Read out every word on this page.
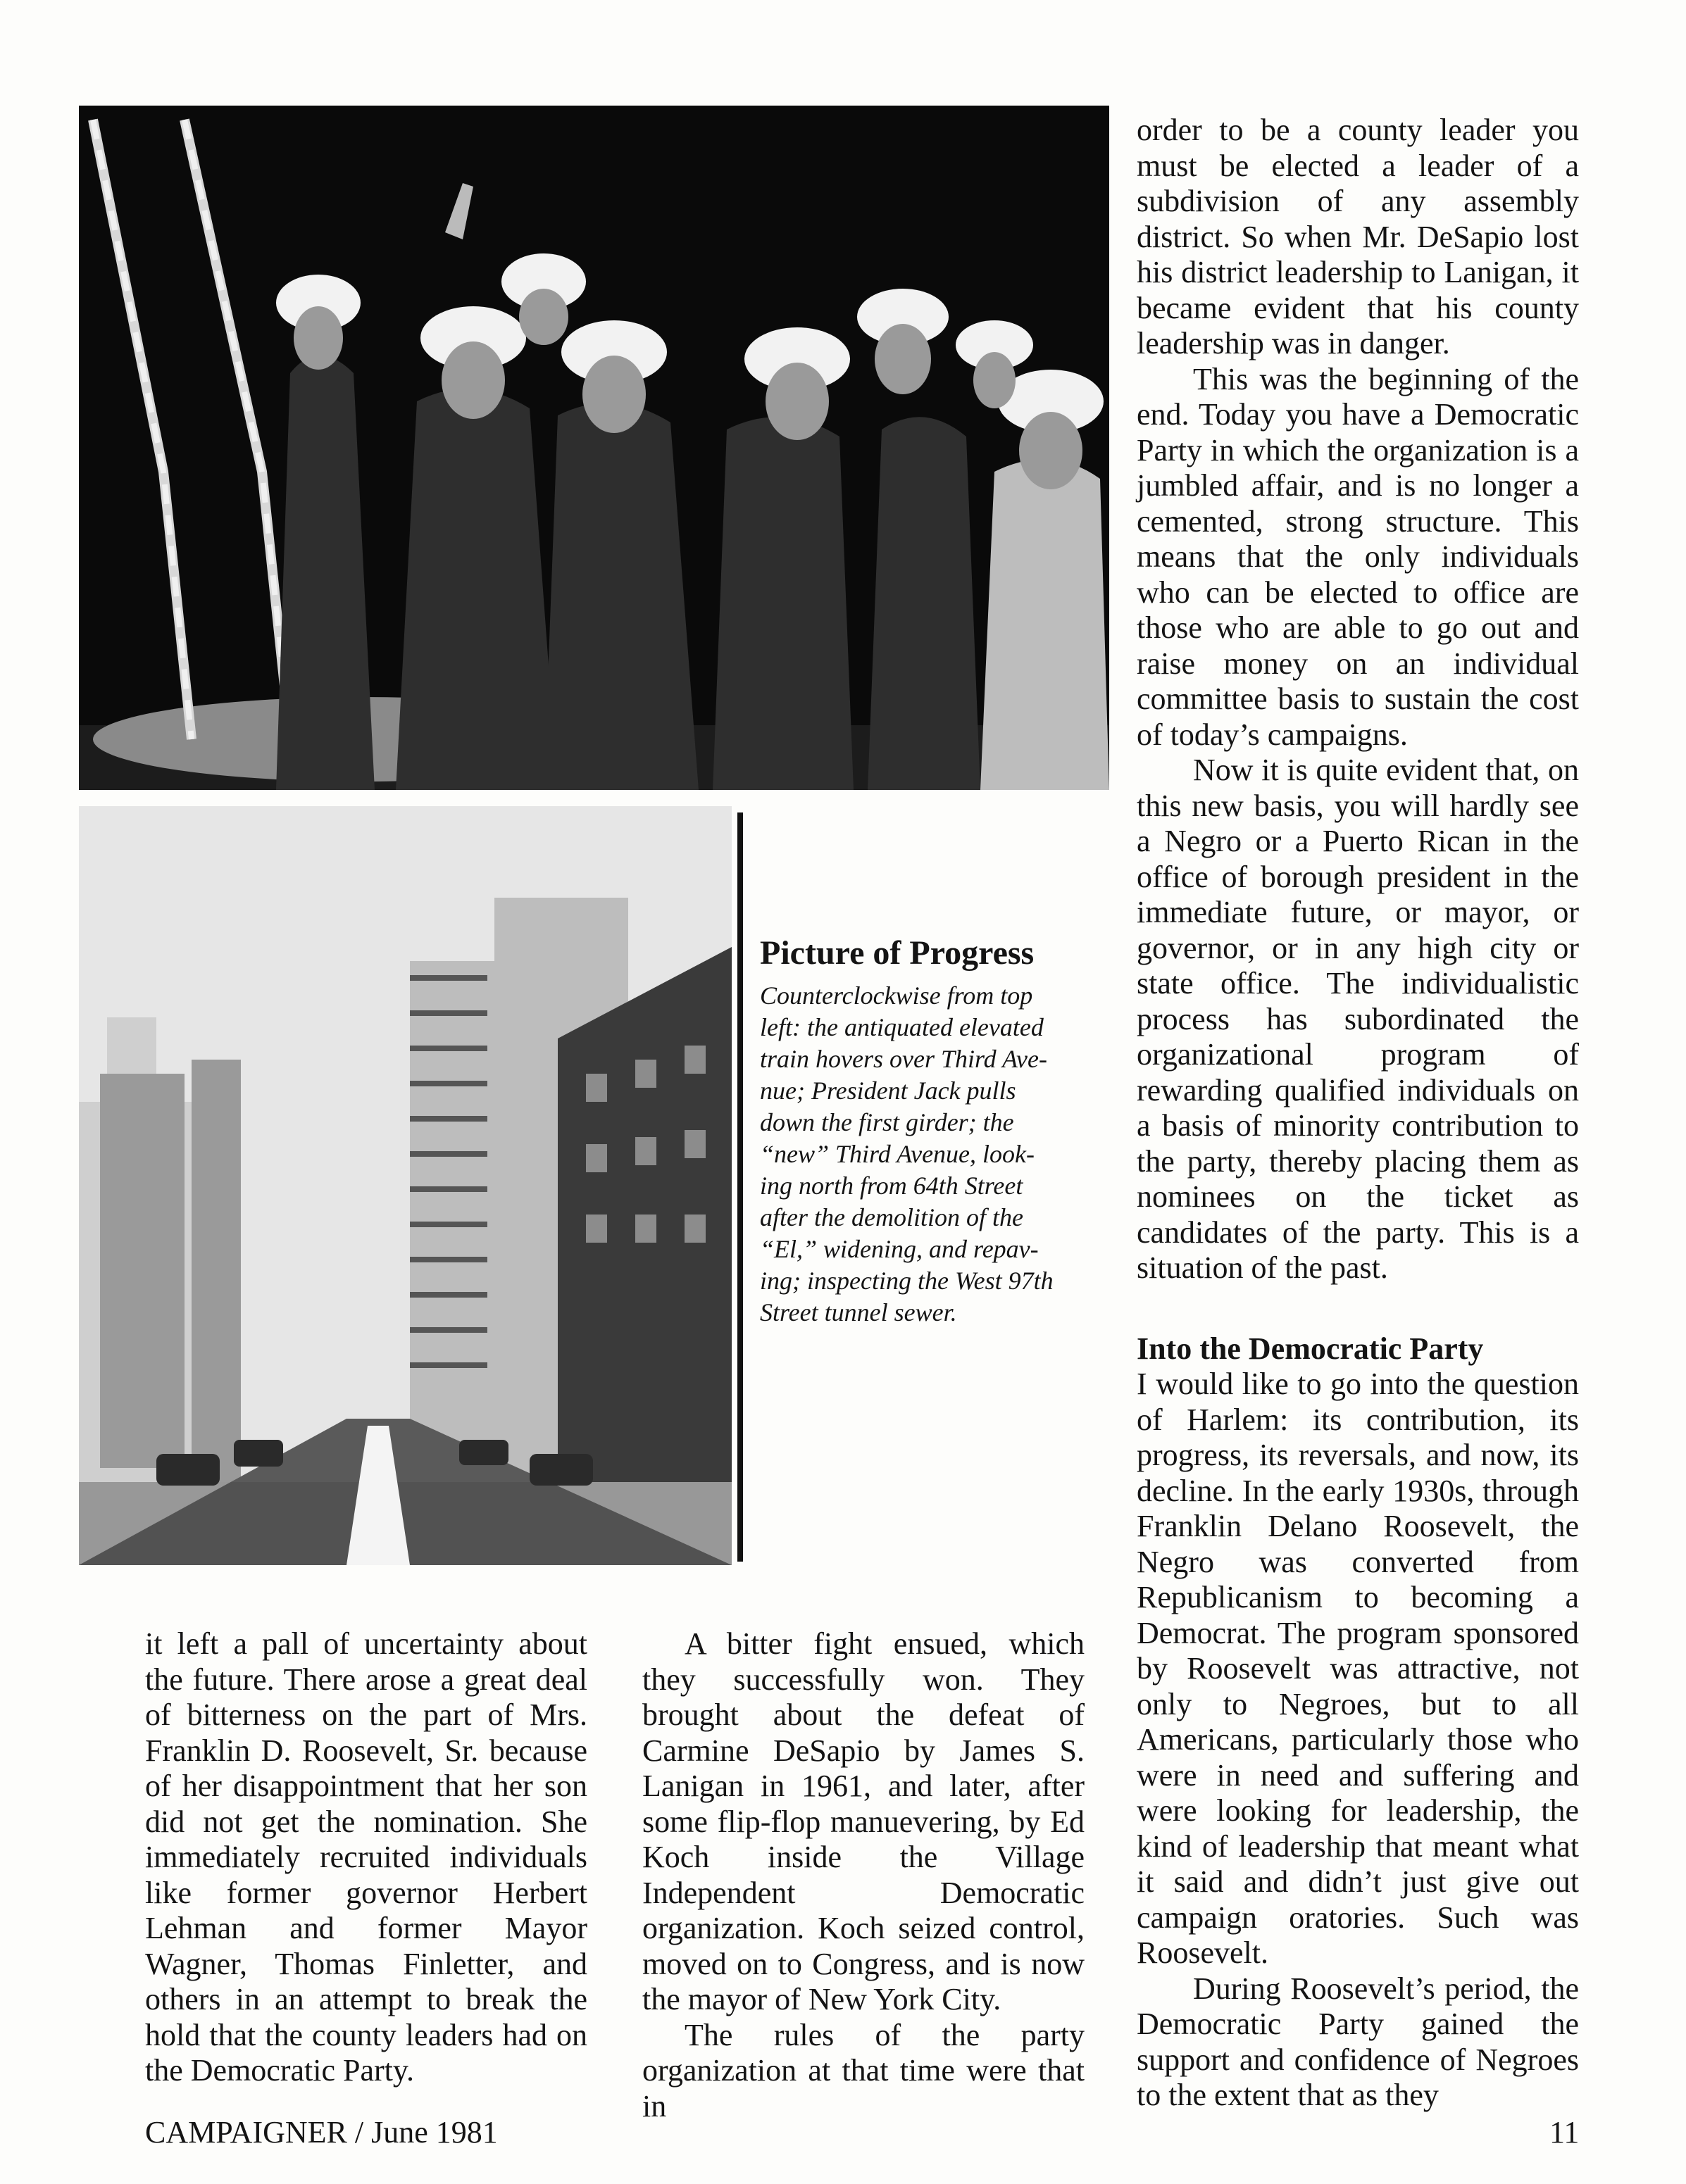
Picture of Progress
Counterclockwise from top
left: the antiquated elevated
train hovers over Third Ave-
nue; President Jack pulls
down the first girder; the
“new” Third Avenue, look-
ing north from 64th Street
after the demolition of the
“El,” widening, and repav-
ing; inspecting the West 97th
Street tunnel sewer.

it left a pall of uncertainty about the future. There arose a great deal of bitterness on the part of Mrs. Franklin D. Roosevelt, Sr. because of her disappointment that her son did not get the nomination. She immediately recruited individuals like former governor Herbert Lehman and former Mayor Wagner, Thomas Finletter, and others in an attempt to break the hold that the county leaders had on the Democratic Party.

A bitter fight ensued, which they successfully won. They brought about the defeat of Carmine DeSapio by James S. Lanigan in 1961, and later, after some flip-flop manuevering, by Ed Koch inside the Village Independent Democratic organization. Koch seized control, moved on to Congress, and is now the mayor of New York City.

The rules of the party organization at that time were that in

order to be a county leader you must be elected a leader of a subdivision of any assembly district. So when Mr. DeSapio lost his district leadership to Lanigan, it became evident that his county leadership was in danger.

This was the beginning of the end. Today you have a Democratic Party in which the organization is a jumbled affair, and is no longer a cemented, strong structure. This means that the only individuals who can be elected to office are those who are able to go out and raise money on an individual committee basis to sustain the cost of today’s campaigns.

Now it is quite evident that, on this new basis, you will hardly see a Negro or a Puerto Rican in the office of borough president in the immediate future, or mayor, or governor, or in any high city or state office. The individualistic process has subordinated the organizational program of rewarding qualified individuals on a basis of minority contribution to the party, thereby placing them as nominees on the ticket as candidates of the party. This is a situation of the past.

Into the Democratic Party

I would like to go into the question of Harlem: its contribution, its progress, its reversals, and now, its decline. In the early 1930s, through Franklin Delano Roosevelt, the Negro was converted from Republicanism to becoming a Democrat. The program sponsored by Roosevelt was attractive, not only to Negroes, but to all Americans, particularly those who were in need and suffering and were looking for leadership, the kind of leadership that meant what it said and didn’t just give out campaign oratories. Such was Roosevelt.

During Roosevelt’s period, the Democratic Party gained the support and confidence of Negroes to the extent that as they

CAMPAIGNER / June 1981	11
